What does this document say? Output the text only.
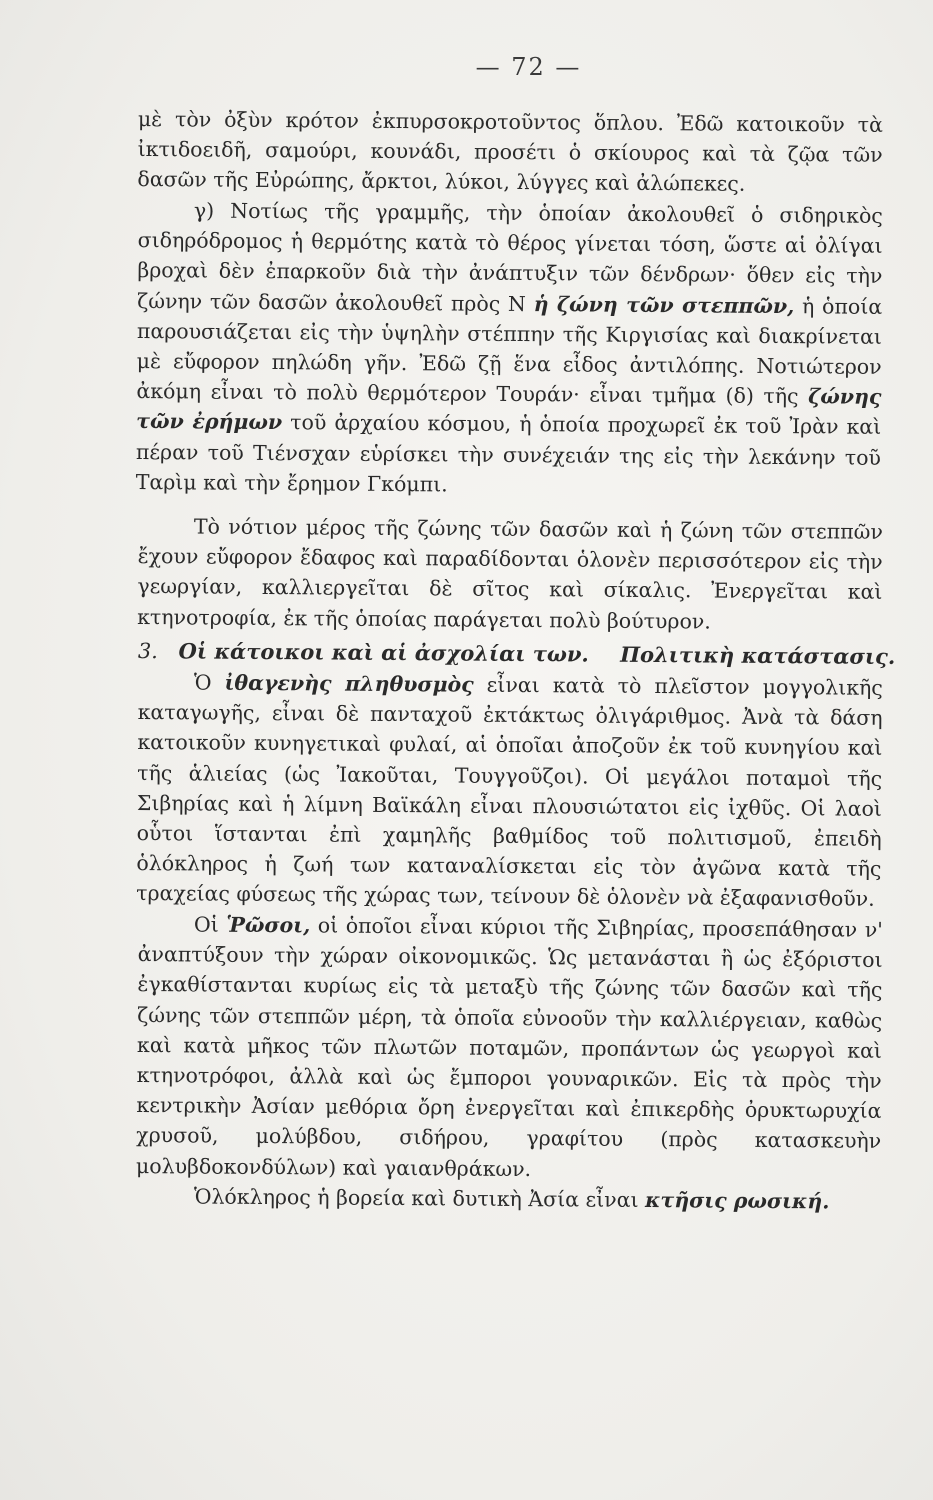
— 72 —

μὲ τὸν ὀξὺν κρότον ἐκπυρσοκροτοῦντος ὅπλου. Ἐδῶ κατοικοῦν τὰ ἰκτιδοειδῆ, σαμούρι, κουνάδι, προσέτι ὁ σκίουρος καὶ τὰ ζῷα τῶν δασῶν τῆς Εὐρώπης, ἄρκτοι, λύκοι, λύγγες καὶ ἀλώπεκες.

γ) Νοτίως τῆς γραμμῆς, τὴν ὁποίαν ἀκολουθεῖ ὁ σιδηρικὸς σιδηρόδρομος ἡ θερμότης κατὰ τὸ θέρος γίνεται τόση, ὥστε αἱ ὀλίγαι βροχαὶ δὲν ἐπαρκοῦν διὰ τὴν ἀνάπτυξιν τῶν δένδρων· ὅθεν εἰς τὴν ζώνην τῶν δασῶν ἀκολουθεῖ πρὸς Ν ἡ ζώνη τῶν στεππῶν, ἡ ὁποία παρουσιάζεται εἰς τὴν ὑψηλὴν στέππην τῆς Κιργισίας καὶ διακρίνεται μὲ εὔφορον πηλώδη γῆν. Ἐδῶ ζῇ ἕνα εἶδος ἀντιλόπης. Νοτιώτερον ἀκόμη εἶναι τὸ πολὺ θερμότερον Τουράν· εἶναι τμῆμα (δ) τῆς ζώνης τῶν ἐρήμων τοῦ ἀρχαίου κόσμου, ἡ ὁποία προχωρεῖ ἐκ τοῦ Ἰρὰν καὶ πέραν τοῦ Τιένσχαν εὑρίσκει τὴν συνέχειάν της εἰς τὴν λεκάνην τοῦ Ταρὶμ καὶ τὴν ἔρημον Γκόμπι.

Τὸ νότιον μέρος τῆς ζώνης τῶν δασῶν καὶ ἡ ζώνη τῶν στεππῶν ἔχουν εὔφορον ἔδαφος καὶ παραδίδονται ὁλονὲν περισσότερον εἰς τὴν γεωργίαν, καλλιεργεῖται δὲ σῖτος καὶ σίκαλις. Ἐνεργεῖται καὶ κτηνοτροφία, ἐκ τῆς ὁποίας παράγεται πολὺ βούτυρον.

3. Οἱ κάτοικοι καὶ αἱ ἀσχολίαι των. Πολιτικὴ κατάστασις.

Ὁ ἰθαγενὴς πληθυσμὸς εἶναι κατὰ τὸ πλεῖστον μογγολικῆς καταγωγῆς, εἶναι δὲ πανταχοῦ ἐκτάκτως ὀλιγάριθμος. Ἀνὰ τὰ δάση κατοικοῦν κυνηγετικαὶ φυλαί, αἱ ὁποῖαι ἀποζοῦν ἐκ τοῦ κυνηγίου καὶ τῆς ἁλιείας (ὡς Ἰακοῦται, Τουγγοῦζοι). Οἱ μεγάλοι ποταμοὶ τῆς Σιβηρίας καὶ ἡ λίμνη Βαϊκάλη εἶναι πλουσιώτατοι εἰς ἰχθῦς. Οἱ λαοὶ οὗτοι ἵστανται ἐπὶ χαμηλῆς βαθμίδος τοῦ πολιτισμοῦ, ἐπειδὴ ὁλόκληρος ἡ ζωή των καταναλίσκεται εἰς τὸν ἀγῶνα κατὰ τῆς τραχείας φύσεως τῆς χώρας των, τείνουν δὲ ὁλονὲν νὰ ἐξαφανισθοῦν.

Οἱ Ῥῶσοι, οἱ ὁποῖοι εἶναι κύριοι τῆς Σιβηρίας, προσεπάθησαν ν' ἀναπτύξουν τὴν χώραν οἰκονομικῶς. Ὡς μετανάσται ἢ ὡς ἐξόριστοι ἐγκαθίστανται κυρίως εἰς τὰ μεταξὺ τῆς ζώνης τῶν δασῶν καὶ τῆς ζώνης τῶν στεππῶν μέρη, τὰ ὁποῖα εὐνοοῦν τὴν καλλιέργειαν, καθὼς καὶ κατὰ μῆκος τῶν πλωτῶν ποταμῶν, προπάντων ὡς γεωργοὶ καὶ κτηνοτρόφοι, ἀλλὰ καὶ ὡς ἔμποροι γουναρικῶν. Εἰς τὰ πρὸς τὴν κεντρικὴν Ἀσίαν μεθόρια ὄρη ἐνεργεῖται καὶ ἐπικερδὴς ὀρυκτωρυχία χρυσοῦ, μολύβδου, σιδήρου, γραφίτου (πρὸς κατασκευὴν μολυβδοκονδύλων) καὶ γαιανθράκων.

Ὁλόκληρος ἡ βορεία καὶ δυτικὴ Ἀσία εἶναι κτῆσις ρωσική.
